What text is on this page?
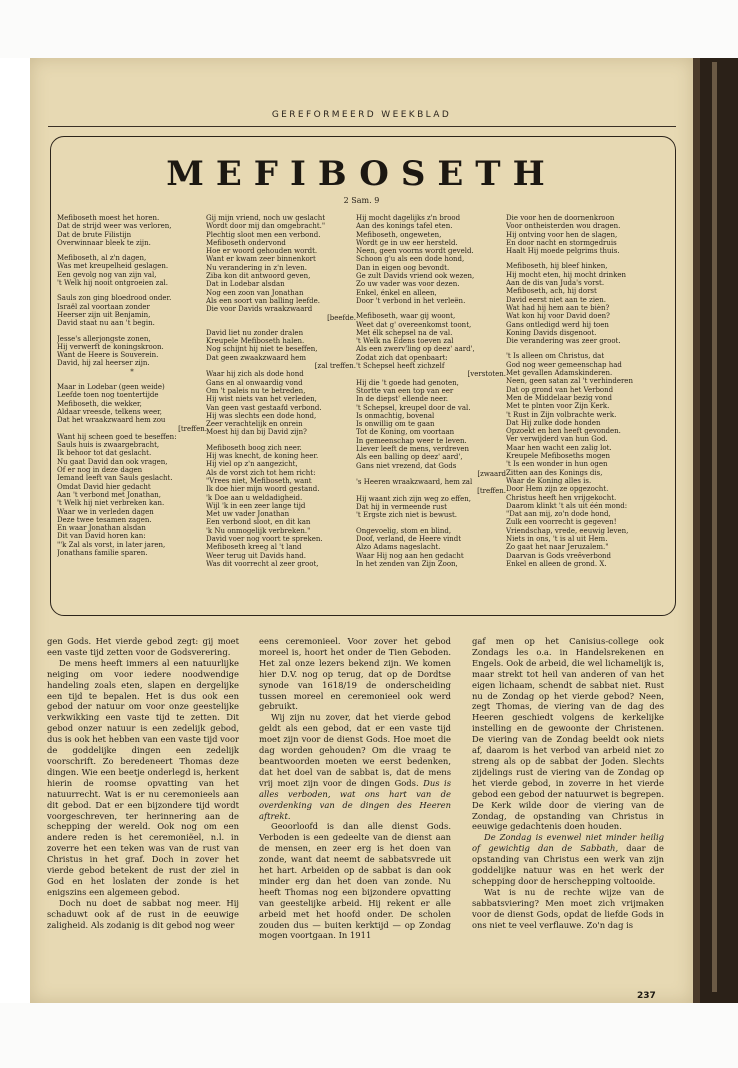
GEREFORMEERD WEEKBLAD
MEFIBOSETH
2 Sam. 9
Mefiboseth moest het horen.
Dat de strijd weer was verloren,
Dat de brute Filistijn
Overwinnaar bleek te zijn.
Mefiboseth, al z'n dagen,
Was met kreupelheid geslagen.
Een gevolg nog van zijn val,
't Welk hij nooit ontgroeien zal.
Sauls zon ging bloedrood onder.
Israël zal voortaan zonder
Heerser zijn uit Benjamin,
David staat nu aan 't begin.
Jesse's allerjongste zonen,
Hij verwerft de koningskroon.
Want de Heere is Souverein.
David, hij zal heerser zijn.
*
Maar in Lodebar (geen weide)
Leefde toen nog toentertijde
Mefiboseth, die wekker,
Aldaar vreesde, telkens weer,
Dat het wraakzwaard hem zou
[treffen.
Want hij scheen goed te beseffen:
Sauls huis is zwaargebracht,
Ik behoor tot dat geslacht.
Nu gaat David dan ook vragen,
Of er nog in deze dagen
Iemand leeft van Sauls geslacht.
Omdat David hier gedacht
Aan 't verbond met Jonathan,
't Welk hij niet verbreken kan.
Waar we in verleden dagen
Deze twee tesamen zagen.
En waar Jonathan alsdan
Dit van David horen kan:
"'k Zal als vorst, in later jaren,
Jonathans familie sparen.
Gij mijn vriend, noch uw geslacht
Wordt door mij dan omgebracht."
Plechtig sloot men een verbond.
Mefiboseth ondervond
Hoe er woord gehouden wordt.
Want er kwam zeer binnenkort
Nu verandering in z'n leven.
Ziba kon dit antwoord geven,
Dat in Lodebar alsdan
Nog een zoon van Jonathan
Als een soort van balling leefde.
Die voor Davids wraakzwaard
[beefde.
David liet nu zonder dralen
Kreupele Mefiboseth halen.
Nog schijnt hij niet te beseffen,
Dat geen zwaakzwaard hem
[zal treffen.
Waar hij zich als dode hond
Gans en al onwaardig vond
Om 't paleis nu te betreden,
Hij wist niets van het verleden,
Van geen vast gestaafd verbond.
Hij was slechts een dode hond,
Zeer verachtelijk en onrein
Moest hij dan bij David zijn?
Mefiboseth boog zich neer.
Hij was knecht, de koning heer.
Hij viel op z'n aangezicht,
Als de vorst zich tot hem richt:
"Vrees niet, Mefiboseth, want
Ik doe hier mijn woord gestand.
'k Doe aan u weldadigheid.
Wijl 'k in een zeer lange tijd
Met uw vader Jonathan
Een verbond sloot, en dit kan
'k Nu onmogelijk verbreken."
David voer nog voort te spreken.
Mefiboseth kreeg al 't land
Weer terug uit Davids hand.
Was dit voorrecht al zeer groot,
Hij mocht dagelijks z'n brood
Aan des konings tafel eten.
Mefiboseth, ongeweten,
Wordt ge in uw eer hersteld.
Neen, geen voorns wordt geveld.
Schoon g'u als een dode hond,
Dan in eigen oog bevondt.
Ge zult Davids vriend ook wezen,
Zo uw vader was voor dezen.
Enkel, énkel en alleen,
Door 't verbond in het verleën.
Mefiboseth, waar gij woont,
Weet dat g' overeenkomst toont,
Met élk schepsel na de val.
't Welk na Edens toeven zal
Als een zwerv'ling op deez' aard',
Zodat zich dat openbaart:
't Schepsel heeft zichzelf
[verstoten.
Hij die 't goede had genoten,
Stortte van een top van eer
In de diepst' ellende neer.
't Schepsel, kreupel door de val.
Is onmachtig, bovenal
Is onwillig om te gaan
Tot de Koning, om voortaan
In gemeenschap weer te leven.
Liever leeft de mens, verdreven
Als een balling op deez' aard',
Gans niet vrezend, dat Gods
[zwaard
's Heeren wraakzwaard, hem zal
[treffen.
Hij waant zich zijn weg zo effen,
Dat hij in vermeende rust
't Ergste zich niet is bewust.
Ongevoelig, stom en blind,
Doof, verland, de Heere vindt
Alzo Adams nageslacht.
Waar Hij nog aan hen gedacht
In het zenden van Zijn Zoon,
Die voor hen de doornenkroon
Voor ontheisterden wou dragen.
Hij ontving voor hen de slagen,
En door nacht en stormgedruis
Haalt Hij moede pelgrims thuis.
Mefiboseth, hij bleef hinken,
Hij mocht eten, hij mocht drinken
Aan de dis van Juda's vorst.
Mefiboseth, ach, hij dorst
David eerst niet aan te zien.
Wat had hij hem aan te bièn?
Wat kon hij voor David doen?
Gans ontledigd werd hij toen
Koning Davids disgenoot.
Die verandering was zeer groot.
't Is alleen om Christus, dat
God nog weer gemeenschap had
Met gevallen Adamskinderen.
Neen, geen satan zal 't verhinderen
Dat op grond van het Verbond
Men de Middelaar bezig vond
Met te plnten voor Zijn Kerk.
't Rust in Zijn volbrachte werk.
Dat Hij zulke dode honden
Opzoekt en hen heeft gevonden.
Ver verwijderd van hun God.
Maar hen wacht een zalig lot.
Kreupele Mefiboseths mogen
't Is een wonder in hun ogen
Zitten aan des Konings dis,
Waar de Koning alles is.
Door Hem zijn ze opgezocht.
Christus heeft hen vrijgekocht.
Daarom klinkt 't als uit één mond:
"Dat aan mij, zo'n dode hond,
Zulk een voorrecht is gegeven!
Vriendschap, vrede, eeuwig leven,
Niets in ons, 't is al uit Hem.
Zo gaat het naar Jeruzalem."
Daarvan is Gods vreêverbond
Enkel en alleen de grond. X.

gen Gods. Het vierde gebod zegt: gij moet een vaste tijd zetten voor de Godsverering.

De mens heeft immers al een natuurlijke neiging om voor iedere noodwendige handeling zoals eten, slapen en dergelijke een tijd te bepalen. Het is dus ook een gebod der natuur om voor onze geestelijke verkwikking een vaste tijd te zetten. Dit gebod onzer natuur is een zedelijk gebod, dus is ook het hebben van een vaste tijd voor de goddelijke dingen een zedelijk voorschrift. Zo beredeneert Thomas deze dingen. Wie een beetje onderlegd is, herkent hierin de roomse opvatting van het natuurrecht. Wat is er nu ceremonieels aan dit gebod. Dat er een bijzondere tijd wordt voorgeschreven, ter herinnering aan de schepping der wereld. Ook nog om een andere reden is het ceremoniëel, n.l. in zoverre het een teken was van de rust van Christus in het graf. Doch in zover het vierde gebod betekent de rust der ziel in God en het loslaten der zonde is het enigszins een algemeen gebod.

Doch nu doet de sabbat nog meer. Hij schaduwt ook af de rust in de eeuwige zaligheid. Als zodanig is dit gebod nog weer

eens ceremonieel. Voor zover het gebod moreel is, hoort het onder de Tien Geboden. Het zal onze lezers bekend zijn. We komen hier D.V. nog op terug, dat op de Dordtse synode van 1618/19 de onderscheiding tussen moreel en ceremonieel ook werd gebruikt.

Wij zijn nu zover, dat het vierde gebod geldt als een gebod, dat er een vaste tijd moet zijn voor de dienst Gods. Hoe moet die dag worden gehouden? Om die vraag te beantwoorden moeten we eerst bedenken, dat het doel van de sabbat is, dat de mens vrij moet zijn voor de dingen Gods. Dus is alles verboden, wat ons hart van de overdenking van de dingen des Heeren aftrekt.

Geoorloofd is dan alle dienst Gods. Verboden is een gedeelte van de dienst aan de mensen, en zeer erg is het doen van zonde, want dat neemt de sabbatsvrede uit het hart. Arbeiden op de sabbat is dan ook minder erg dan het doen van zonde. Nu heeft Thomas nog een bijzondere opvatting van geestelijke arbeid. Hij rekent er alle arbeid met het hoofd onder. De scholen zouden dus — buiten kerktijd — op Zondag mogen voortgaan. In 1911

gaf men op het Canisius-college ook Zondags les o.a. in Handelsrekenen en Engels. Ook de arbeid, die wel lichamelijk is, maar strekt tot heil van anderen of van het eigen lichaam, schendt de sabbat niet. Rust nu de Zondag op het vierde gebod? Neen, zegt Thomas, de viering van de dag des Heeren geschiedt volgens de kerkelijke instelling en de gewoonte der Christenen. De viering van de Zondag beeldt ook niets af, daarom is het verbod van arbeid niet zo streng als op de sabbat der Joden. Slechts zijdelings rust de viering van de Zondag op het vierde gebod, in zoverre in het vierde gebod een gebod der natuurwet is begrepen. De Kerk wilde door de viering van de Zondag, de opstanding van Christus in eeuwige gedachtenis doen houden.

De Zondag is evenwel niet minder heilig of gewichtig dan de Sabbath, daar de opstanding van Christus een werk van zijn goddelijke natuur was en het werk der schepping door de herschepping voltooide.

Wat is nu de rechte wijze van de sabbatsviering? Men moet zich vrijmaken voor de dienst Gods, opdat de liefde Gods in ons niet te veel verflauwe. Zo'n dag is

237
